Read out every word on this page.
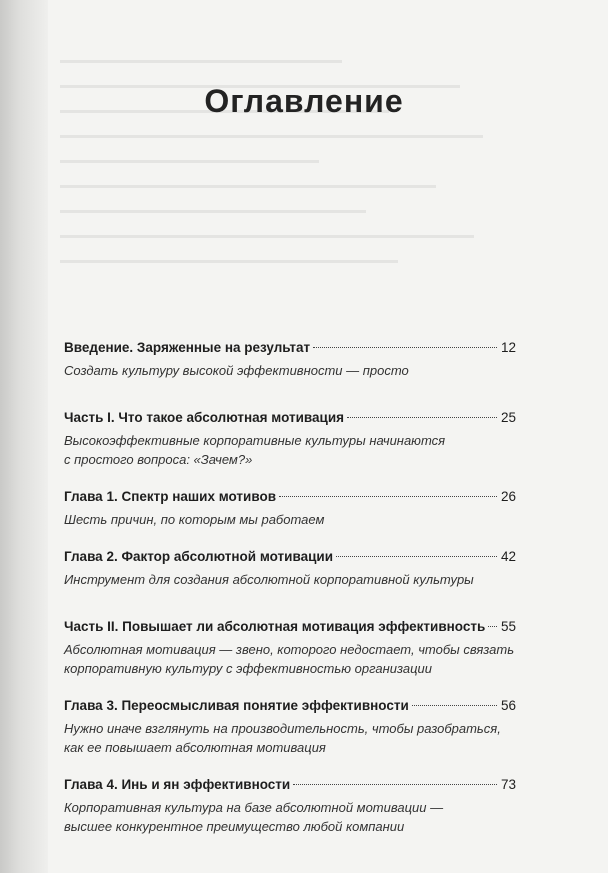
Оглавление
Введение. Заряженные на результат	12
Создать культуру высокой эффективности — просто
Часть I. Что такое абсолютная мотивация	25
Высокоэффективные корпоративные культуры начинаются
с простого вопроса: «Зачем?»
Глава 1. Спектр наших мотивов	26
Шесть причин, по которым мы работаем
Глава 2. Фактор абсолютной мотивации	42
Инструмент для создания абсолютной корпоративной культуры
Часть II. Повышает ли абсолютная мотивация эффективность 55
Абсолютная мотивация — звено, которого недостает, чтобы связать
корпоративную культуру с эффективностью организации
Глава 3. Переосмысливая понятие эффективности	56
Нужно иначе взглянуть на производительность, чтобы разобраться,
как ее повышает абсолютная мотивация
Глава 4. Инь и ян эффективности	73
Корпоративная культура на базе абсолютной мотивации —
высшее конкурентное преимущество любой компании
